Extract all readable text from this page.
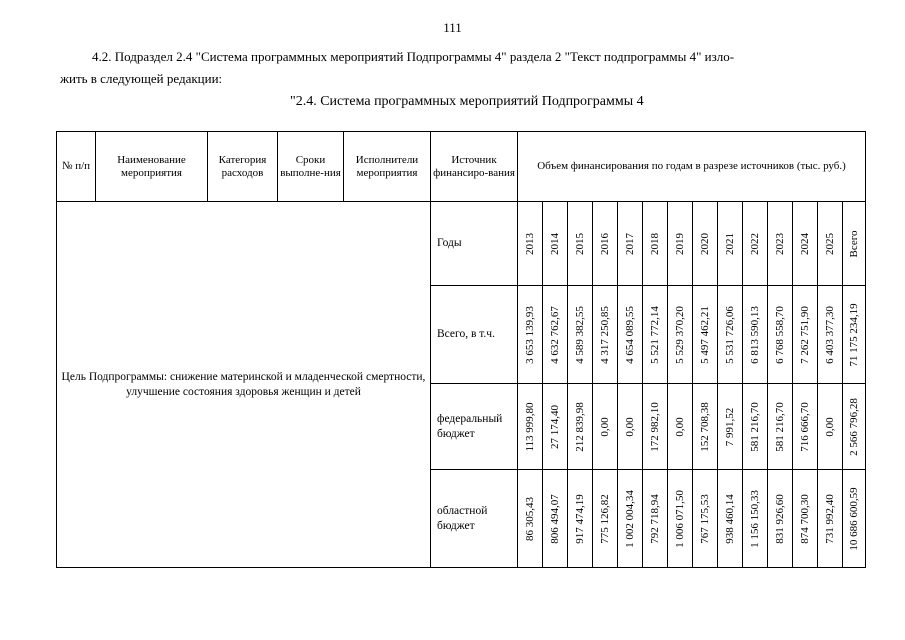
111
4.2. Подраздел 2.4 "Система программных мероприятий Подпрограммы 4" раздела 2 "Текст подпрограммы 4" изло-
жить в следующей редакции:
"2.4. Система программных мероприятий Подпрограммы 4
№ п/п	Наименование мероприятия	Категория расходов	Сроки выполне-ния	Исполнители мероприятия	Источник финансиро-вания	Объем финансирования по годам в разрезе источников (тыс. руб.)													
Цель Подпрограммы: снижение материнской и младенческой смертности, улучшение состояния здоровья женщин и детей					Годы	2013	2014	2015	2016	2017	2018	2019	2020	2021	2022	2023	2024	2025	Всего

					Всего, в т.ч.	3 653 139,93	4 632 762,67	4 589 382,55	4 317 250,85	4 654 089,55	5 521 772,14	5 529 370,20	5 497 462,21	5 531 726,06	6 813 590,13	6 768 558,70	7 262 751,90	6 403 377,30	71 175 234,19

					федеральный бюджет	113 999,80	27 174,40	212 839,98	0,00	0,00	172 982,10	0,00	152 708,38	7 991,52	581 216,70	581 216,70	716 666,70	0,00	2 566 796,28

					областной бюджет	86 305,43	806 494,07	917 474,19	775 126,82	1 002 004,34	792 718,94	1 006 071,50	767 175,53	938 460,14	1 156 150,33	831 926,60	874 700,30	731 992,40	10 686 600,59
